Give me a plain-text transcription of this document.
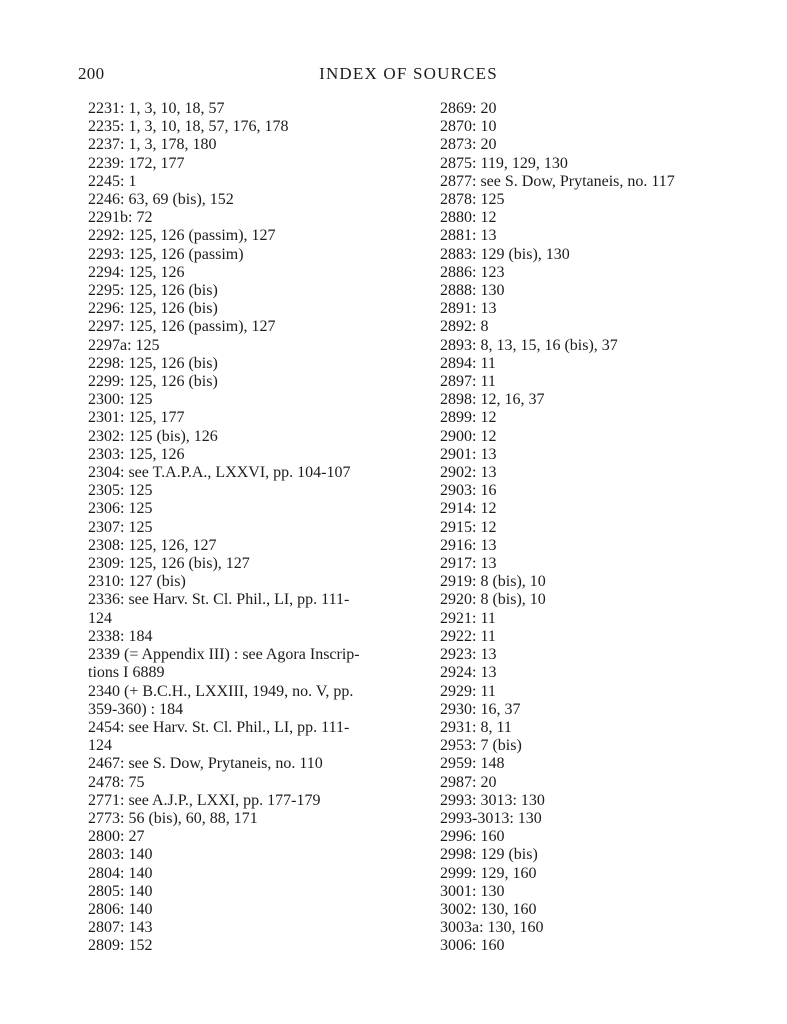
200	INDEX OF SOURCES

2231: 1, 3, 10, 18, 57

2235: 1, 3, 10, 18, 57, 176, 178

2237: 1, 3, 178, 180

2239: 172, 177

2245: 1

2246: 63, 69 (bis), 152

2291b: 72

2292: 125, 126 (passim), 127

2293: 125, 126 (passim)

2294: 125, 126

2295: 125, 126 (bis)

2296: 125, 126 (bis)

2297: 125, 126 (passim), 127

2297a: 125

2298: 125, 126 (bis)

2299: 125, 126 (bis)

2300: 125

2301: 125, 177

2302: 125 (bis), 126

2303: 125, 126

2304: see T.A.P.A., LXXVI, pp. 104-107

2305: 125

2306: 125

2307: 125

2308: 125, 126, 127

2309: 125, 126 (bis), 127

2310: 127 (bis)

2336: see Harv. St. Cl. Phil., LI, pp. 111-

124

2338: 184

2339 (= Appendix III) : see Agora Inscrip-

tions I 6889

2340 (+ B.C.H., LXXIII, 1949, no. V, pp.

359-360) : 184

2454: see Harv. St. Cl. Phil., LI, pp. 111-

124

2467: see S. Dow, Prytaneis, no. 110

2478: 75

2771: see A.J.P., LXXI, pp. 177-179

2773: 56 (bis), 60, 88, 171

2800: 27

2803: 140

2804: 140

2805: 140

2806: 140

2807: 143

2809: 152

2869: 20

2870: 10

2873: 20

2875: 119, 129, 130

2877: see S. Dow, Prytaneis, no. 117

2878: 125

2880: 12

2881: 13

2883: 129 (bis), 130

2886: 123

2888: 130

2891: 13

2892: 8

2893: 8, 13, 15, 16 (bis), 37

2894: 11

2897: 11

2898: 12, 16, 37

2899: 12

2900: 12

2901: 13

2902: 13

2903: 16

2914: 12

2915: 12

2916: 13

2917: 13

2919: 8 (bis), 10

2920: 8 (bis), 10

2921: 11

2922: 11

2923: 13

2924: 13

2929: 11

2930: 16, 37

2931: 8, 11

2953: 7 (bis)

2959: 148

2987: 20

2993: 3013: 130

2993-3013: 130

2996: 160

2998: 129 (bis)

2999: 129, 160

3001: 130

3002: 130, 160

3003a: 130, 160

3006: 160
